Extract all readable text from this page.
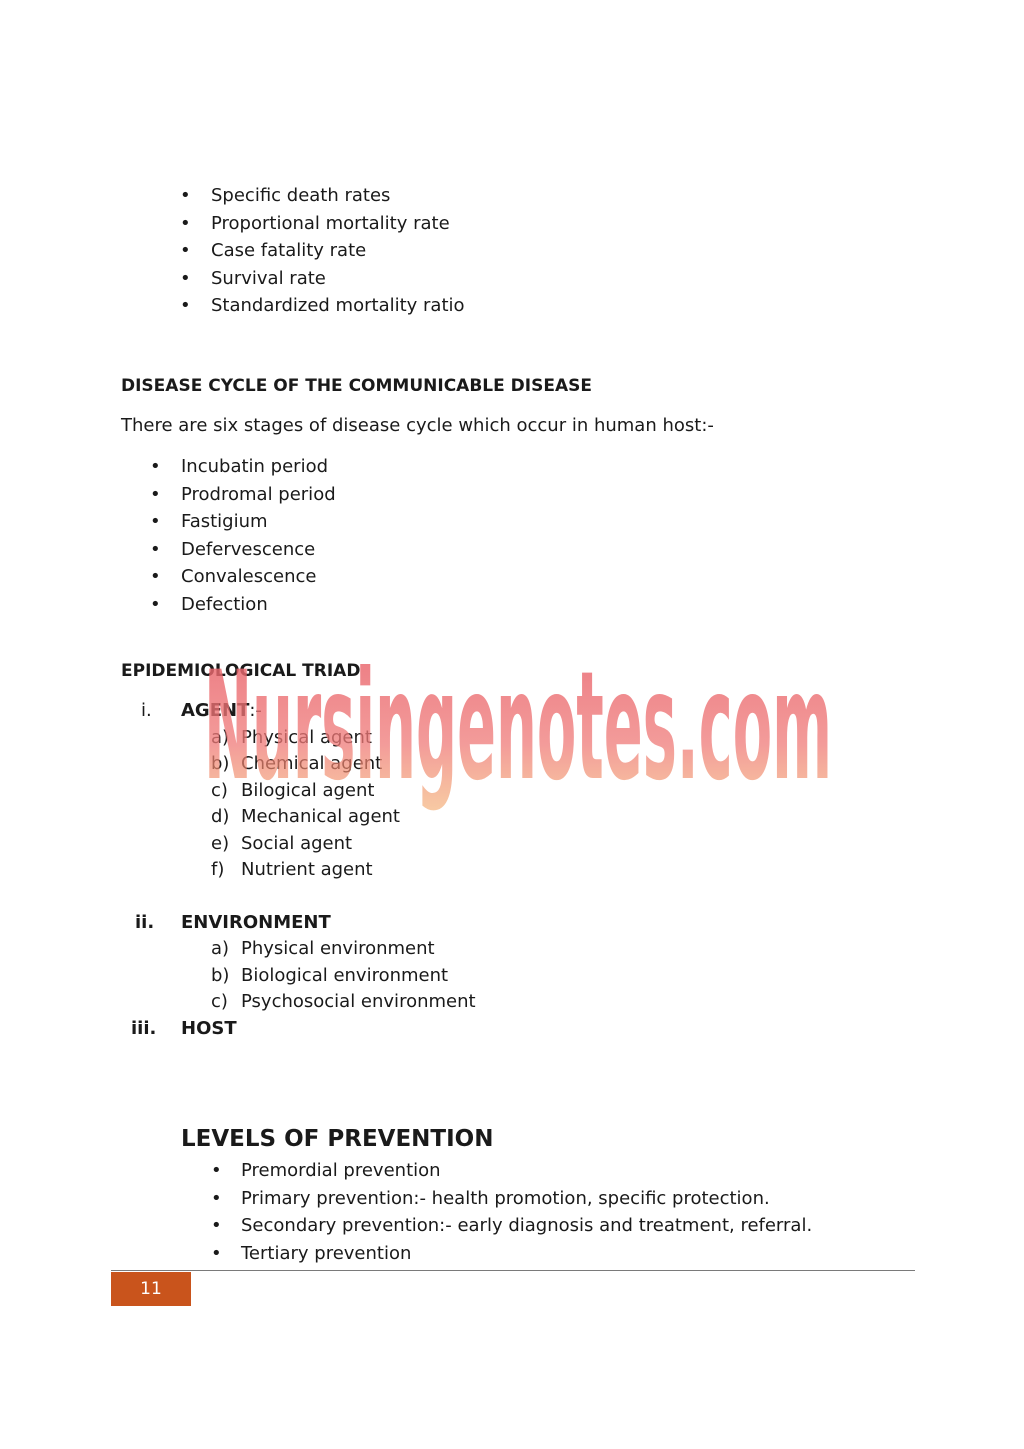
• Specific death rates
• Proportional mortality rate
• Case fatality rate
• Survival rate
• Standardized mortality ratio
DISEASE CYCLE OF THE COMMUNICABLE DISEASE
There are six stages of disease cycle which occur in human host:-
• Incubatin period
• Prodromal period
• Fastigium
• Defervescence
• Convalescence
• Defection
EPIDEMIOLOGICAL TRIAD
i. AGENT:-
a) Physical agent
b) Chemical agent
c) Bilogical agent
d) Mechanical agent
e) Social agent
f) Nutrient agent
ii. ENVIRONMENT
a) Physical environment
b) Biological environment
c) Psychosocial environment
iii. HOST
LEVELS OF PREVENTION
• Premordial prevention
• Primary prevention:- health promotion, specific protection.
• Secondary prevention:- early diagnosis and treatment, referral.
• Tertiary prevention
Nursingenotes.com
11
